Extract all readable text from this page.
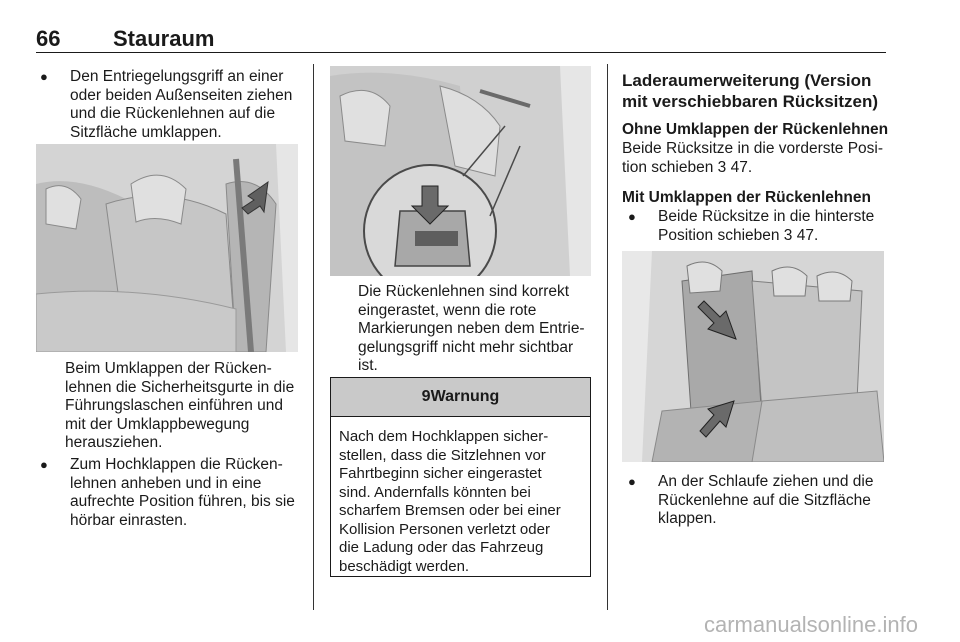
66 Stauraum
● Den Entriegelungsgriff an einer
oder beiden Außenseiten ziehen
und die Rückenlehnen auf die
Sitzfläche umklappen.
Beim Umklappen der Rücken-
lehnen die Sicherheitsgurte in die
Führungslaschen einführen und
mit der Umklappbewegung
herausziehen.
● Zum Hochklappen die Rücken-
lehnen anheben und in eine
aufrechte Position führen, bis sie
hörbar einrasten.
Die Rückenlehnen sind korrekt
eingerastet, wenn die rote
Markierungen neben dem Entrie-
gelungsgriff nicht mehr sichtbar
ist.
9Warnung
Nach dem Hochklappen sicher-
stellen, dass die Sitzlehnen vor
Fahrtbeginn sicher eingerastet
sind. Andernfalls könnten bei
scharfem Bremsen oder bei einer
Kollision Personen verletzt oder
die Ladung oder das Fahrzeug
beschädigt werden.
Laderaumerweiterung (Version
mit verschiebbaren Rücksitzen)
Ohne Umklappen der Rückenlehnen
Beide Rücksitze in die vorderste Posi-
tion schieben 3 47.
Mit Umklappen der Rückenlehnen
● Beide Rücksitze in die hinterste
Position schieben 3 47.
● An der Schlaufe ziehen und die
Rückenlehne auf die Sitzfläche
klappen.
carmanualsonline.info
